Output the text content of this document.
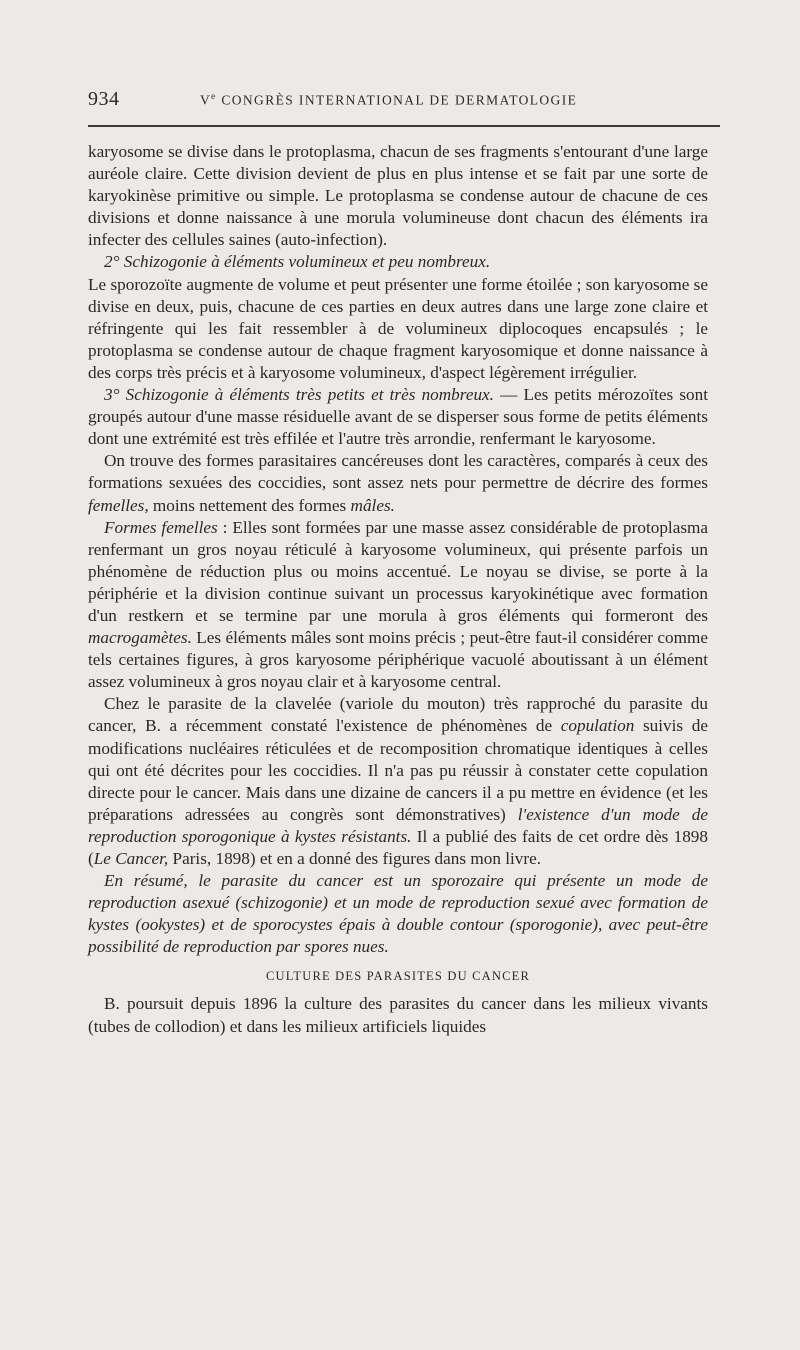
934	Ve CONGRÈS INTERNATIONAL DE DERMATOLOGIE

karyosome se divise dans le protoplasma, chacun de ses fragments s'entourant d'une large auréole claire. Cette division devient de plus en plus intense et se fait par une sorte de karyokinèse primitive ou simple. Le protoplasma se condense autour de chacune de ces divisions et donne naissance à une morula volumineuse dont chacun des éléments ira infecter des cellules saines (auto-infection).

2° Schizogonie à éléments volumineux et peu nombreux.

Le sporozoïte augmente de volume et peut présenter une forme étoilée ; son karyosome se divise en deux, puis, chacune de ces parties en deux autres dans une large zone claire et réfringente qui les fait ressembler à de volumineux diplocoques encapsulés ; le protoplasma se condense autour de chaque fragment karyosomique et donne naissance à des corps très précis et à karyosome volumineux, d'aspect légèrement irrégulier.

3° Schizogonie à éléments très petits et très nombreux. — Les petits mérozoïtes sont groupés autour d'une masse résiduelle avant de se disperser sous forme de petits éléments dont une extrémité est très effilée et l'autre très arrondie, renfermant le karyosome.

On trouve des formes parasitaires cancéreuses dont les caractères, comparés à ceux des formations sexuées des coccidies, sont assez nets pour permettre de décrire des formes femelles, moins nettement des formes mâles.

Formes femelles : Elles sont formées par une masse assez considérable de protoplasma renfermant un gros noyau réticulé à karyosome volumineux, qui présente parfois un phénomène de réduction plus ou moins accentué. Le noyau se divise, se porte à la périphérie et la division continue suivant un processus karyokinétique avec formation d'un restkern et se termine par une morula à gros éléments qui formeront des macrogamètes. Les éléments mâles sont moins précis ; peut-être faut-il considérer comme tels certaines figures, à gros karyosome périphérique vacuolé aboutissant à un élément assez volumineux à gros noyau clair et à karyosome central.

Chez le parasite de la clavelée (variole du mouton) très rapproché du parasite du cancer, B. a récemment constaté l'existence de phénomènes de copulation suivis de modifications nucléaires réticulées et de recomposition chromatique identiques à celles qui ont été décrites pour les coccidies. Il n'a pas pu réussir à constater cette copulation directe pour le cancer. Mais dans une dizaine de cancers il a pu mettre en évidence (et les préparations adressées au congrès sont démonstratives) l'existence d'un mode de reproduction sporogonique à kystes résistants. Il a publié des faits de cet ordre dès 1898 (Le Cancer, Paris, 1898) et en a donné des figures dans mon livre.

En résumé, le parasite du cancer est un sporozaire qui présente un mode de reproduction asexué (schizogonie) et un mode de reproduction sexué avec formation de kystes (ookystes) et de sporocystes épais à double contour (sporogonie), avec peut-être possibilité de reproduction par spores nues.

CULTURE DES PARASITES DU CANCER

B. poursuit depuis 1896 la culture des parasites du cancer dans les milieux vivants (tubes de collodion) et dans les milieux artificiels liquides
